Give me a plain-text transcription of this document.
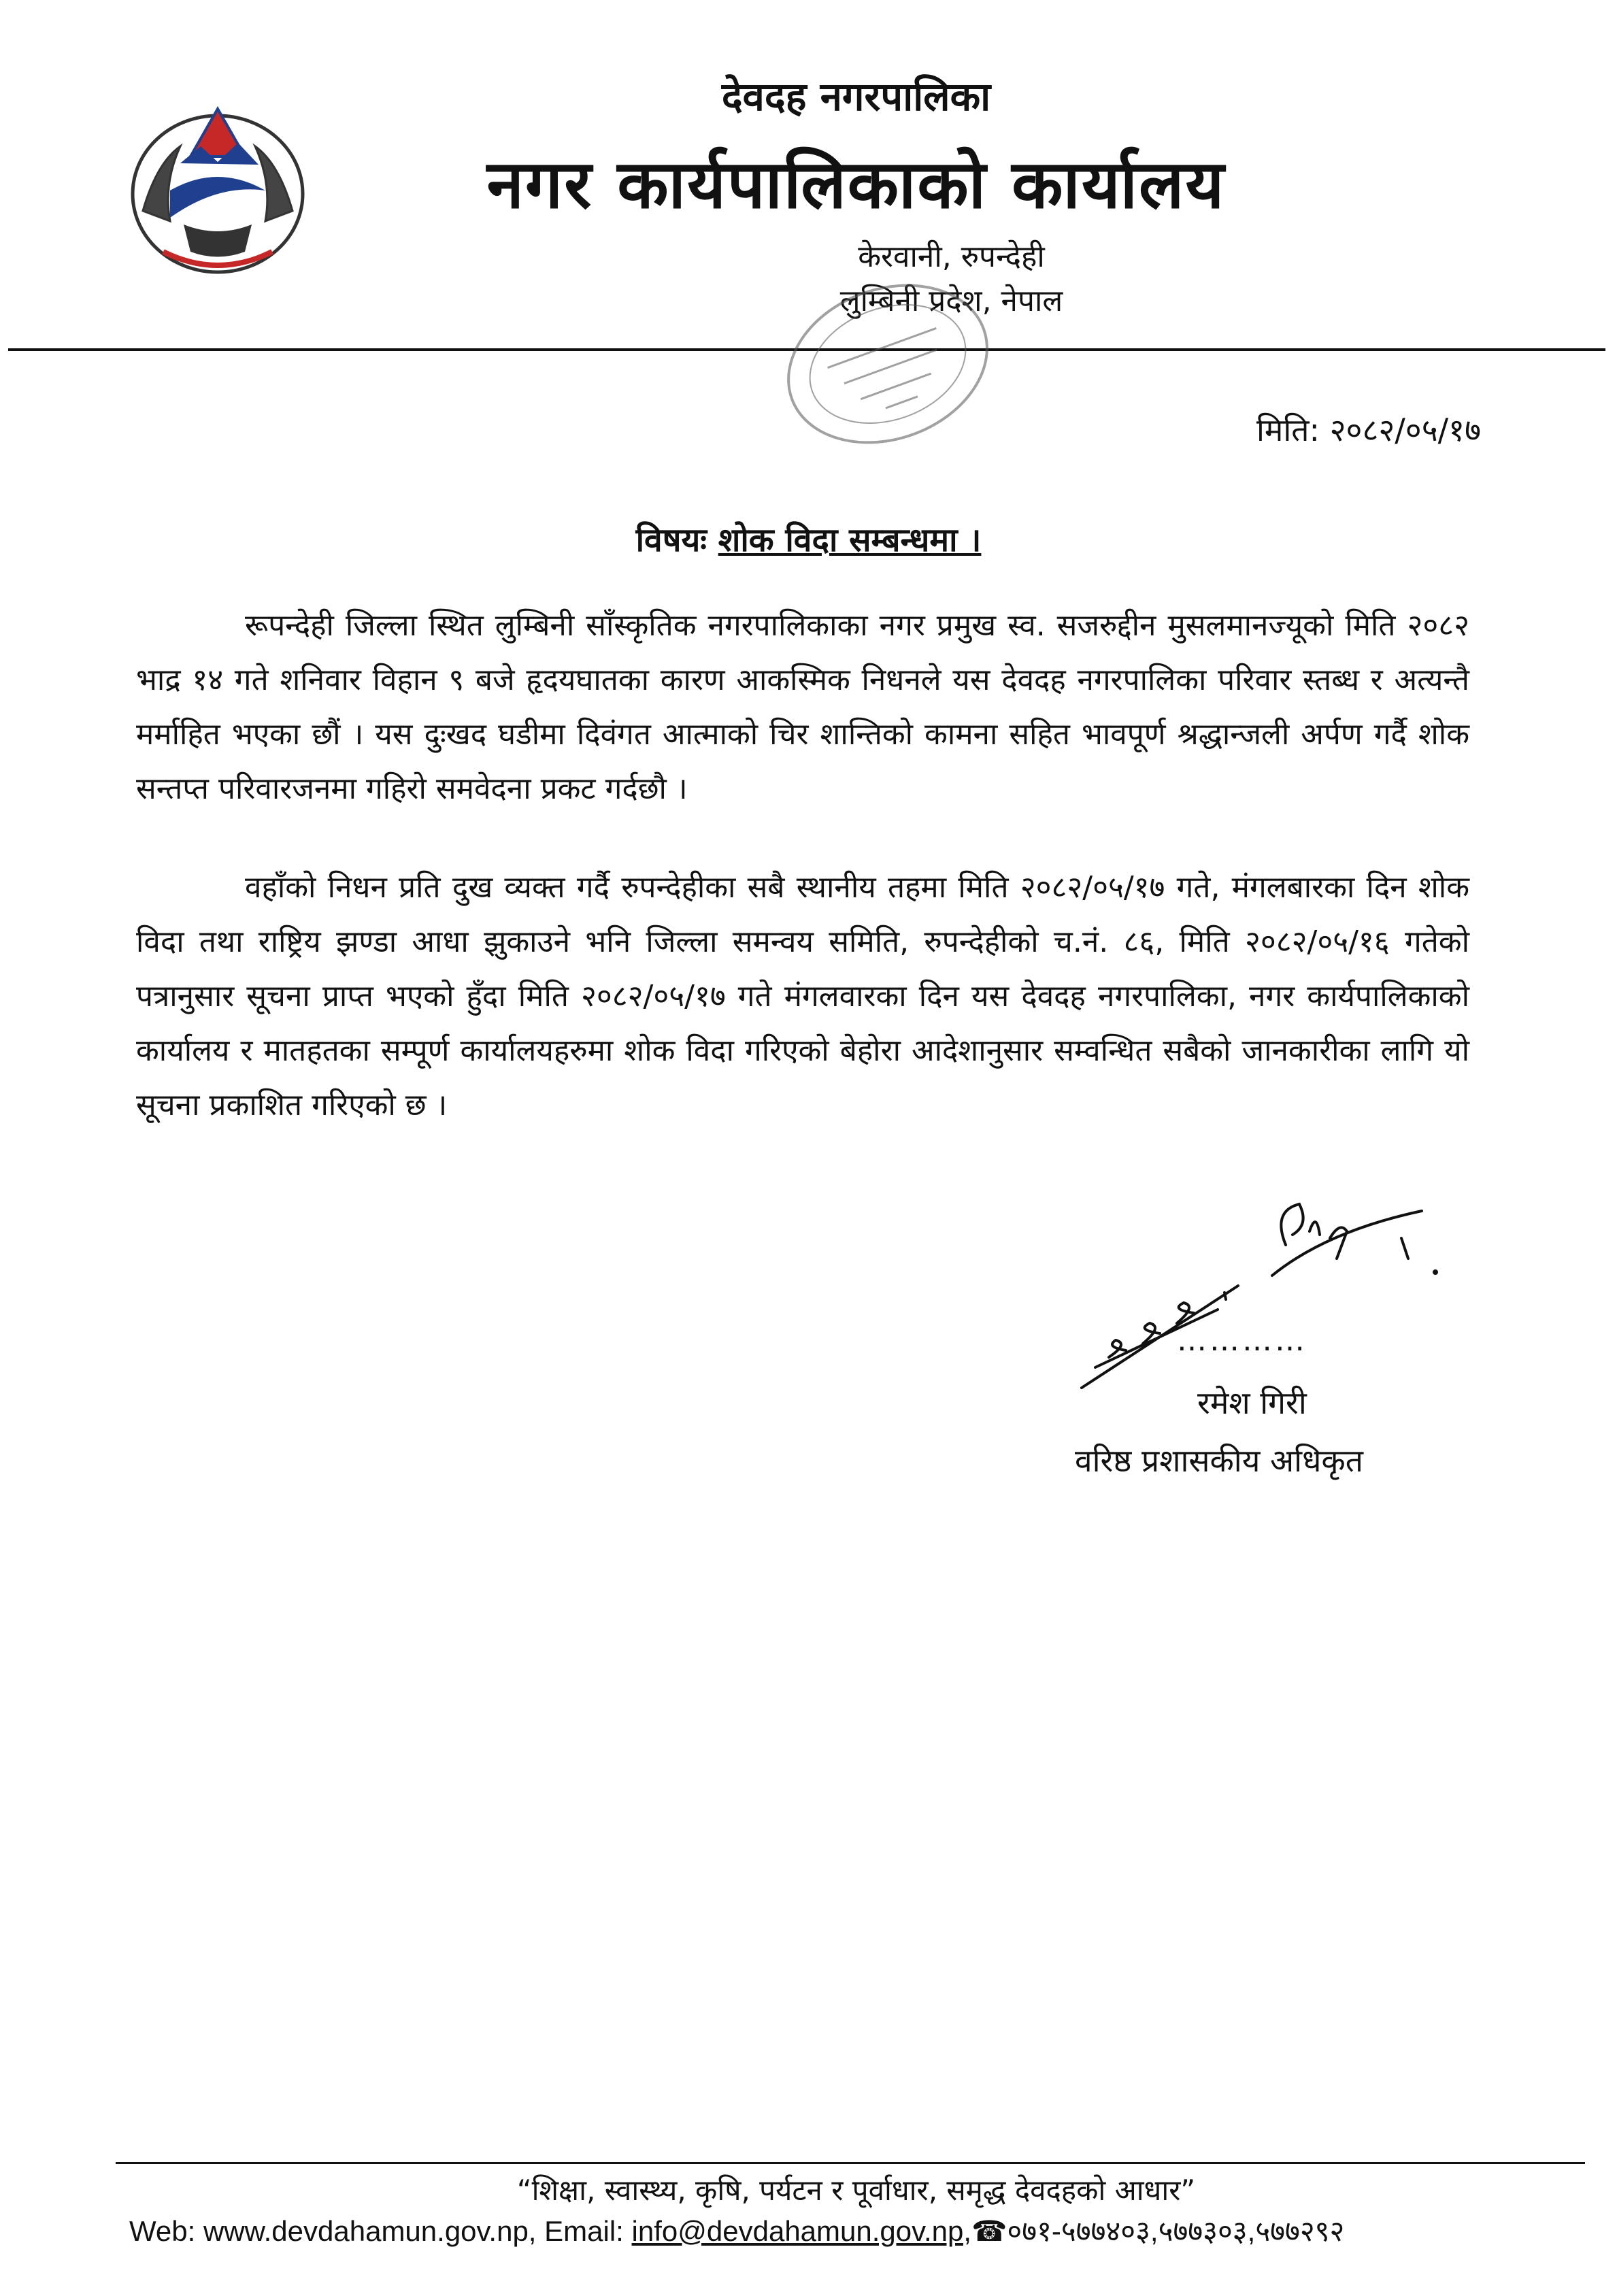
देवदह नगरपालिका
नगर कार्यपालिकाको कार्यालय
केरवानी, रुपन्देही
लुम्बिनी प्रदेश, नेपाल
मिति: २०८२/०५/१७
विषयः शोक विदा सम्बन्धमा ।

रूपन्देही जिल्ला स्थित लुम्बिनी साँस्कृतिक नगरपालिकाका नगर प्रमुख स्व. सजरुद्दीन मुसलमानज्यूको मिति २०८२ भाद्र १४ गते शनिवार विहान ९ बजे हृदयघातका कारण आकस्मिक निधनले यस देवदह नगरपालिका परिवार स्तब्ध र अत्यन्तै मर्माहित भएका छौं । यस दुःखद घडीमा दिवंगत आत्माको चिर शान्तिको कामना सहित भावपूर्ण श्रद्धान्जली अर्पण गर्दै शोक सन्तप्त परिवारजनमा गहिरो समवेदना प्रकट गर्दछौ ।

वहाँको निधन प्रति दुख व्यक्त गर्दै रुपन्देहीका सबै स्थानीय तहमा मिति २०८२/०५/१७ गते, मंगलबारका दिन शोक विदा तथा राष्ट्रिय झण्डा आधा झुकाउने भनि जिल्ला समन्वय समिति, रुपन्देहीको च.नं. ८६, मिति २०८२/०५/१६ गतेको पत्रानुसार सूचना प्राप्त भएको हुँदा मिति २०८२/०५/१७ गते मंगलवारका दिन यस देवदह नगरपालिका, नगर कार्यपालिकाको कार्यालय र मातहतका सम्पूर्ण कार्यालयहरुमा शोक विदा गरिएको बेहोरा आदेशानुसार सम्वन्धित सबैको जानकारीका लागि यो सूचना प्रकाशित गरिएको छ ।

…………
रमेश गिरी
वरिष्ठ प्रशासकीय अधिकृत
“शिक्षा, स्वास्थ्य, कृषि, पर्यटन र पूर्वाधार, समृद्ध देवदहको आधार”
Web: www.devdahamun.gov.np, Email: info@devdahamun.gov.np,☎०७१-५७७४०३,५७७३०३,५७७२९२
